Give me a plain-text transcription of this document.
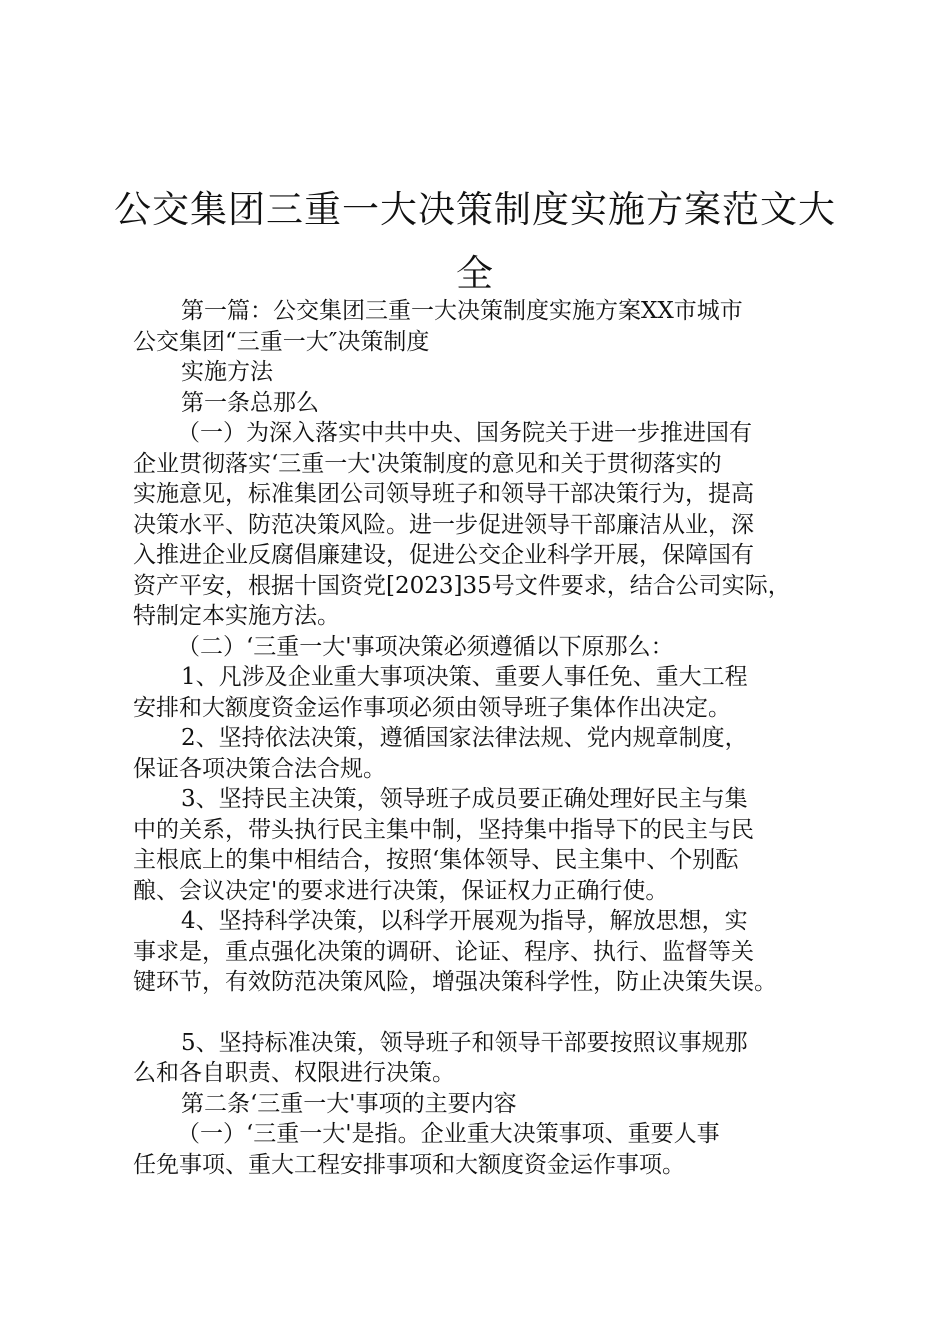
公交集团三重一大决策制度实施方案范文大
全

第一篇：公交集团三重一大决策制度实施方案XX市城市

公交集团“三重一大″决策制度

实施方法

第一条总那么

（一）为深入落实中共中央、国务院关于进一步推进国有

企业贯彻落实‘三重一大'决策制度的意见和关于贯彻落实的

实施意见，标准集团公司领导班子和领导干部决策行为，提高

决策水平、防范决策风险。进一步促进领导干部廉洁从业，深

入推进企业反腐倡廉建设，促进公交企业科学开展，保障国有

资产平安，根据十国资党[2023]35号文件要求，结合公司实际，

特制定本实施方法。

（二）‘三重一大'事项决策必须遵循以下原那么：

1、凡涉及企业重大事项决策、重要人事任免、重大工程

安排和大额度资金运作事项必须由领导班子集体作出决定。

2、坚持依法决策，遵循国家法律法规、党内规章制度，

保证各项决策合法合规。

3、坚持民主决策，领导班子成员要正确处理好民主与集

中的关系，带头执行民主集中制，坚持集中指导下的民主与民

主根底上的集中相结合，按照‘集体领导、民主集中、个别酝

酿、会议决定'的要求进行决策，保证权力正确行使。

4、坚持科学决策，以科学开展观为指导，解放思想，实

事求是，重点强化决策的调研、论证、程序、执行、监督等关

键环节，有效防范决策风险，增强决策科学性，防止决策失误。

5、坚持标准决策，领导班子和领导干部要按照议事规那

么和各自职责、权限进行决策。

第二条‘三重一大'事项的主要内容

（一）‘三重一大'是指。企业重大决策事项、重要人事

任免事项、重大工程安排事项和大额度资金运作事项。
